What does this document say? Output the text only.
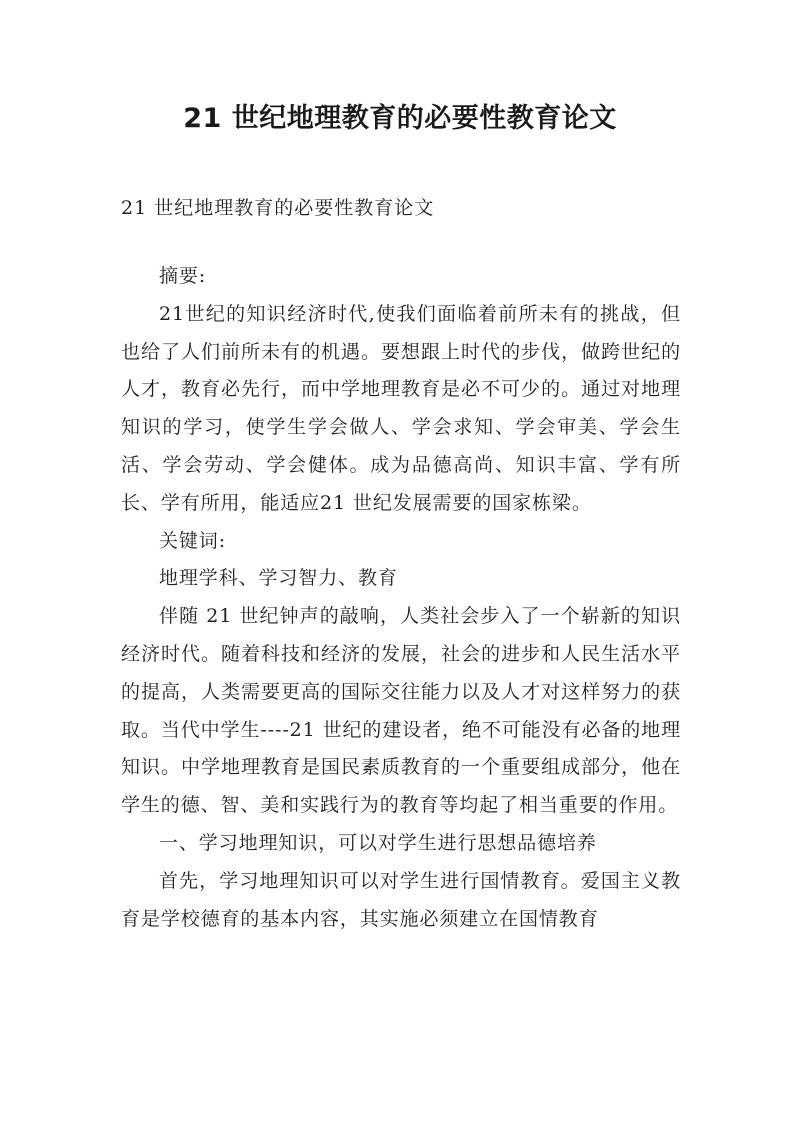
21 世纪地理教育的必要性教育论文
21 世纪地理教育的必要性教育论文

摘要:

21世纪的知识经济时代,使我们面临着前所未有的挑战，但也给了人们前所未有的机遇。要想跟上时代的步伐，做跨世纪的人才，教育必先行，而中学地理教育是必不可少的。通过对地理知识的学习，使学生学会做人、学会求知、学会审美、学会生活、学会劳动、学会健体。成为品德高尚、知识丰富、学有所长、学有所用，能适应21 世纪发展需要的国家栋梁。

关键词:

地理学科、学习智力、教育

伴随 21 世纪钟声的敲响，人类社会步入了一个崭新的知识经济时代。随着科技和经济的发展，社会的进步和人民生活水平的提高，人类需要更高的国际交往能力以及人才对这样努力的获取。当代中学生----21 世纪的建设者，绝不可能没有必备的地理知识。中学地理教育是国民素质教育的一个重要组成部分，他在学生的德、智、美和实践行为的教育等均起了相当重要的作用。

一、学习地理知识，可以对学生进行思想品德培养

首先，学习地理知识可以对学生进行国情教育。爱国主义教育是学校德育的基本内容，其实施必须建立在国情教育
